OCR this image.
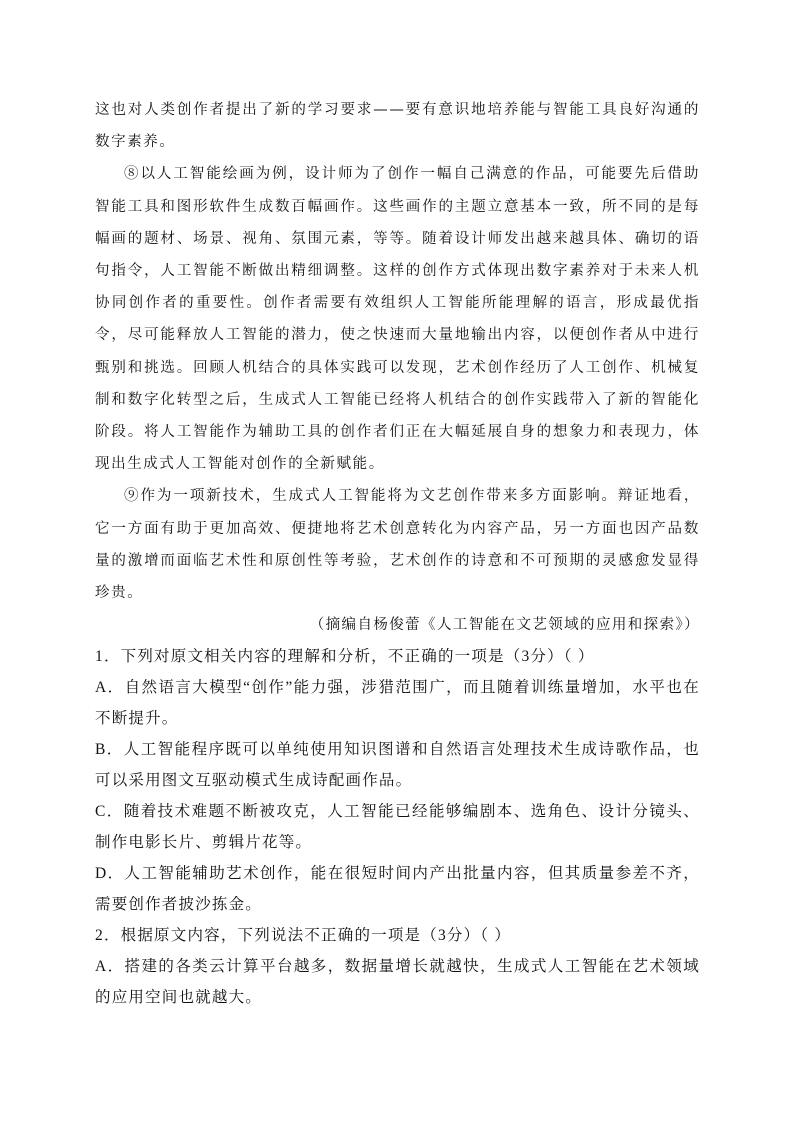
这也对人类创作者提出了新的学习要求——要有意识地培养能与智能工具良好沟通的数字素养。

⑧以人工智能绘画为例，设计师为了创作一幅自己满意的作品，可能要先后借助智能工具和图形软件生成数百幅画作。这些画作的主题立意基本一致，所不同的是每幅画的题材、场景、视角、氛围元素，等等。随着设计师发出越来越具体、确切的语句指令，人工智能不断做出精细调整。这样的创作方式体现出数字素养对于未来人机协同创作者的重要性。创作者需要有效组织人工智能所能理解的语言，形成最优指令，尽可能释放人工智能的潜力，使之快速而大量地输出内容，以便创作者从中进行甄别和挑选。回顾人机结合的具体实践可以发现，艺术创作经历了人工创作、机械复制和数字化转型之后，生成式人工智能已经将人机结合的创作实践带入了新的智能化阶段。将人工智能作为辅助工具的创作者们正在大幅延展自身的想象力和表现力，体现出生成式人工智能对创作的全新赋能。

⑨作为一项新技术，生成式人工智能将为文艺创作带来多方面影响。辩证地看，它一方面有助于更加高效、便捷地将艺术创意转化为内容产品，另一方面也因产品数量的激增而面临艺术性和原创性等考验，艺术创作的诗意和不可预期的灵感愈发显得珍贵。

（摘编自杨俊蕾《人工智能在文艺领域的应用和探索》）

1．下列对原文相关内容的理解和分析，不正确的一项是（3分）（ ）

A．自然语言大模型“创作”能力强，涉猎范围广，而且随着训练量增加，水平也在不断提升。

B．人工智能程序既可以单纯使用知识图谱和自然语言处理技术生成诗歌作品，也可以采用图文互驱动模式生成诗配画作品。

C．随着技术难题不断被攻克，人工智能已经能够编剧本、选角色、设计分镜头、制作电影长片、剪辑片花等。

D．人工智能辅助艺术创作，能在很短时间内产出批量内容，但其质量参差不齐，需要创作者披沙拣金。

2．根据原文内容，下列说法不正确的一项是（3分）（ ）

A．搭建的各类云计算平台越多，数据量增长就越快，生成式人工智能在艺术领域的应用空间也就越大。
